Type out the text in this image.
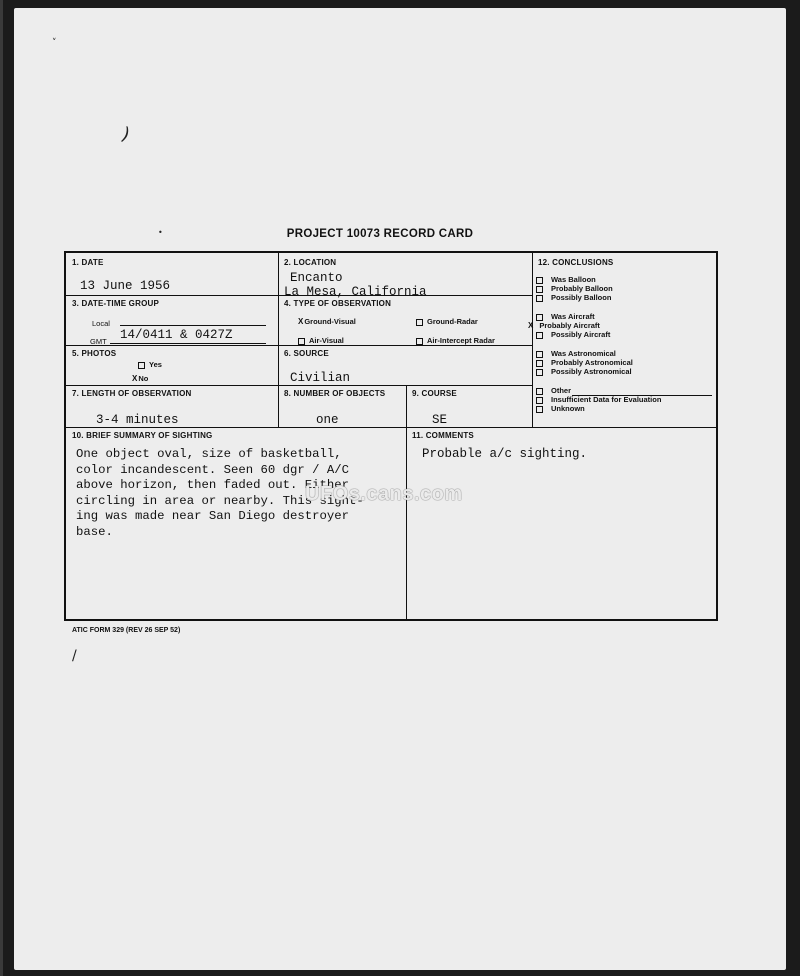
˅
)
•
/
PROJECT 10073 RECORD CARD
1. DATE
13 June 1956
2. LOCATION
Encanto
La Mesa, California
3. DATE-TIME GROUP
Local
GMT 14/0411 & 0427Z
4. TYPE OF OBSERVATION
XGround-Visual	Ground-Radar
Air-Visual	Air-Intercept Radar
5. PHOTOS
Yes
XNo
6. SOURCE
Civilian
7. LENGTH OF OBSERVATION
3-4 minutes
8. NUMBER OF OBJECTS
one
9. COURSE
SE
12. CONCLUSIONS
Was Balloon
Probably Balloon
Possibly Balloon
Was Aircraft
X Probably Aircraft
Possibly Aircraft
Was Astronomical
Probably Astronomical
Possibly Astronomical
Other
Insufficient Data for Evaluation
Unknown
10. BRIEF SUMMARY OF SIGHTING
One object oval, size of basketball,
color incandescent. Seen 60 dgr / A/C
above horizon, then faded out. Either
circling in area or nearby. This sight-
ing was made near San Diego destroyer
base.
11. COMMENTS
Probable a/c sighting.
UFOs.cans.com
ATIC FORM 329 (REV 26 SEP 52)
